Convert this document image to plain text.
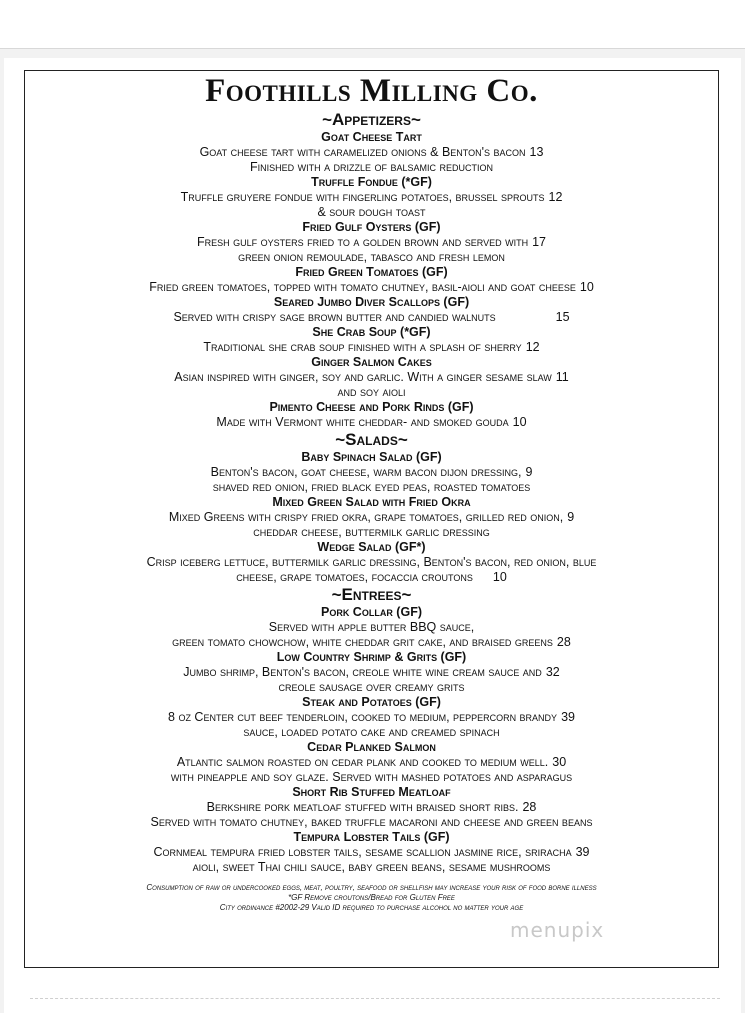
Foothills Milling Co.
~Appetizers~

Goat Cheese Tart

Goat cheese tart with caramelized onions & Benton's bacon 13

Finished with a drizzle of balsamic reduction

Truffle Fondue (*GF)

Truffle gruyere fondue with fingerling potatoes, brussel sprouts 12

& sour dough toast

Fried Gulf Oysters (GF)

Fresh gulf oysters fried to a golden brown and served with 17

green onion remoulade, tabasco and fresh lemon

Fried Green Tomatoes (GF)

Fried green tomatoes, topped with tomato chutney, basil-aioli and goat cheese 10

Seared Jumbo Diver Scallops (GF)

Served with crispy sage brown butter and candied walnuts	15

She Crab Soup (*GF)

Traditional she crab soup finished with a splash of sherry 12

Ginger Salmon Cakes

Asian inspired with ginger, soy and garlic. With a ginger sesame slaw 11

and soy aioli

Pimento Cheese and Pork Rinds (GF)

Made with Vermont white cheddar- and smoked gouda 10

~Salads~

Baby Spinach Salad (GF)

Benton's bacon, goat cheese, warm bacon dijon dressing, 9

shaved red onion, fried black eyed peas, roasted tomatoes

Mixed Green Salad with Fried Okra

Mixed Greens with crispy fried okra, grape tomatoes, grilled red onion, 9

cheddar cheese, buttermilk garlic dressing

Wedge Salad (GF*)

Crisp iceberg lettuce, buttermilk garlic dressing, Benton's bacon, red onion, blue

cheese, grape tomatoes, focaccia croutons 10

~Entrees~

Pork Collar (GF)

Served with apple butter BBQ sauce,

green tomato chowchow, white cheddar grit cake, and braised greens 28

Low Country Shrimp & Grits (GF)

Jumbo shrimp, Benton's bacon, creole white wine cream sauce and 32

creole sausage over creamy grits

Steak and Potatoes (GF)

8 oz Center cut beef tenderloin, cooked to medium, peppercorn brandy 39

sauce, loaded potato cake and creamed spinach

Cedar Planked Salmon

Atlantic salmon roasted on cedar plank and cooked to medium well. 30

with pineapple and soy glaze. Served with mashed potatoes and asparagus

Short Rib Stuffed Meatloaf

Berkshire pork meatloaf stuffed with braised short ribs. 28

Served with tomato chutney, baked truffle macaroni and cheese and green beans

Tempura Lobster Tails (GF)

Cornmeal tempura fried lobster tails, sesame scallion jasmine rice, sriracha 39

aioli, sweet Thai chili sauce, baby green beans, sesame mushrooms

Consumption of raw or undercooked eggs, meat, poultry, seafood or shellfish may increase your risk of food borne illness

*GF Remove croutons/Bread for Gluten Free

City ordinance #2002-29 Valid ID required to purchase alcohol no matter your age

menupix
